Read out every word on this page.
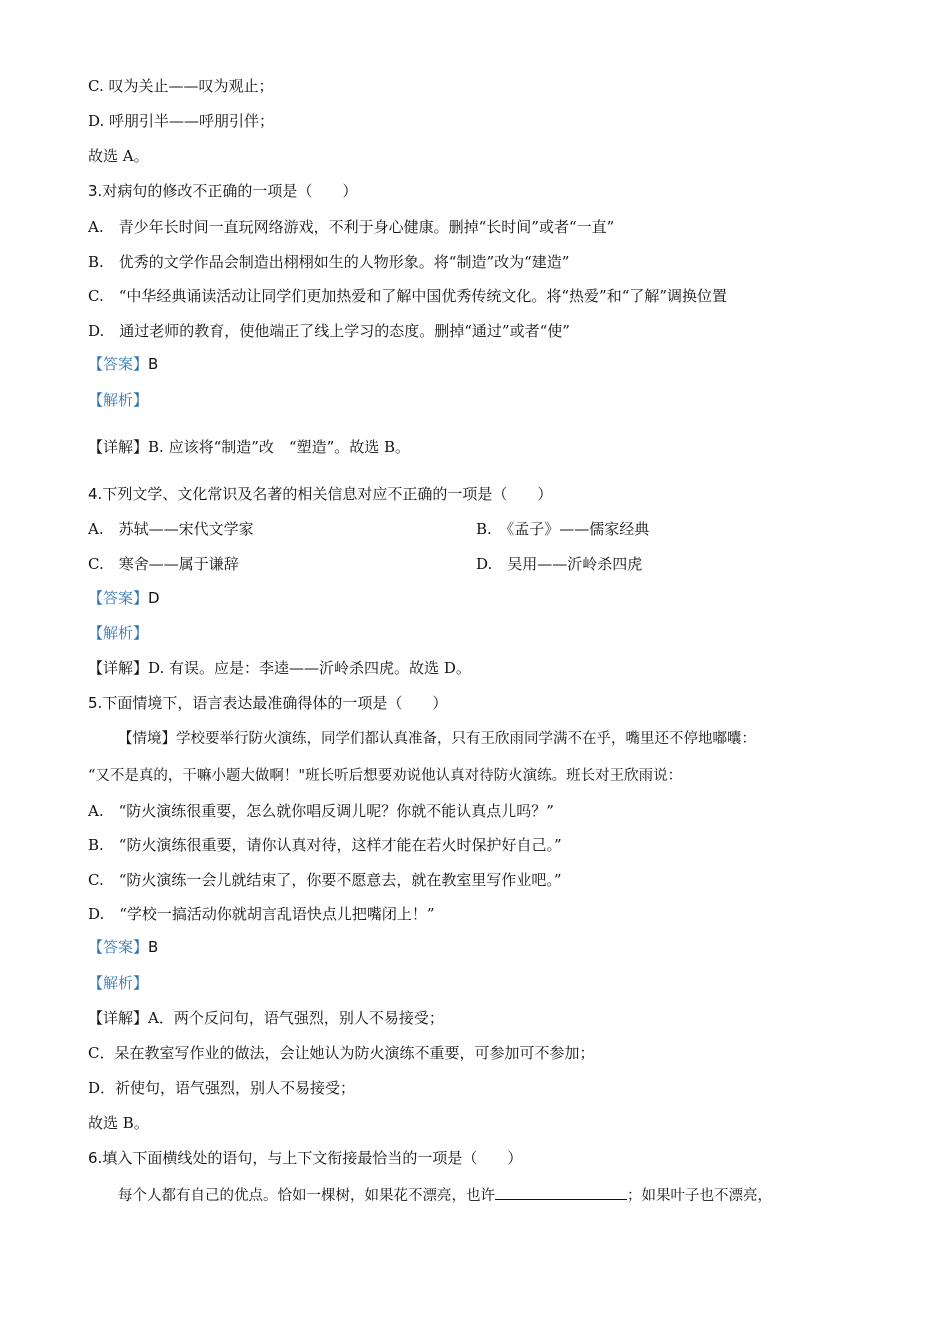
C. 叹为关止——叹为观止；
D. 呼朋引半——呼朋引伴；
故选 A。
3.对病句的修改不正确的一项是（　　）
A.　青少年长时间一直玩网络游戏，不利于身心健康。删掉“长时间”或者“一直”
B.　优秀的文学作品会制造出栩栩如生的人物形象。将“制造”改为“建造”
C.　“中华经典诵读活动让同学们更加热爱和了解中国优秀传统文化。将“热爱”和“了解”调换位置
D.　通过老师的教育，使他端正了线上学习的态度。删掉“通过”或者“使”
【答案】B
【解析】
【详解】B. 应该将“制造”改　“塑造”。故选 B。
4.下列文学、文化常识及名著的相关信息对应不正确的一项是（　　）
A.　苏轼——宋代文学家	B.　《孟子》——儒家经典
C.　寒舍——属于谦辞	D.　吴用——沂岭杀四虎
【答案】D
【解析】
【详解】D. 有误。应是：李逵——沂岭杀四虎。故选 D。
5.下面情境下，语言表达最准确得体的一项是（　　）
【情境】学校要举行防火演练，同学们都认真准备，只有王欣雨同学满不在乎，嘴里还不停地嘟囔：
“又不是真的，干嘛小题大做啊！"班长听后想要劝说他认真对待防火演练。班长对王欣雨说：
A.　“防火演练很重要，怎么就你唱反调儿呢？你就不能认真点儿吗？”
B.　“防火演练很重要，请你认真对待，这样才能在若火时保护好自己。”
C.　“防火演练一会儿就结束了，你要不愿意去，就在教室里写作业吧。”
D.　“学校一搞活动你就胡言乱语快点儿把嘴闭上！”
【答案】B
【解析】
【详解】A．两个反问句，语气强烈，别人不易接受；
C．呆在教室写作业的做法，会让她认为防火演练不重要，可参加可不参加；
D．祈使句，语气强烈，别人不易接受；
故选 B。
6.填入下面横线处的语句，与上下文衔接最恰当的一项是（　　）
每个人都有自己的优点。恰如一棵树，如果花不漂亮，也许	；如果叶子也不漂亮，
